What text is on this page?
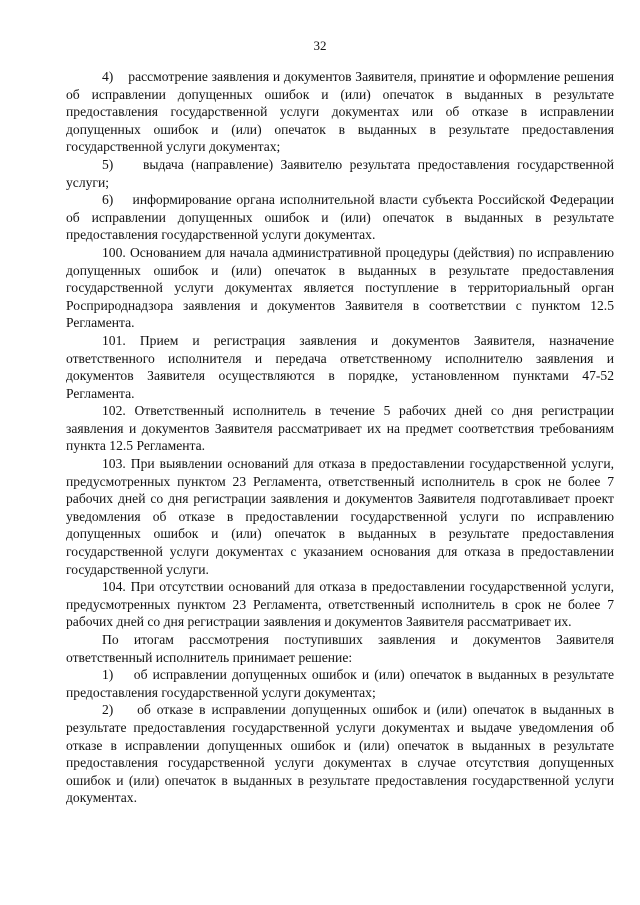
32

4)    рассмотрение заявления и документов Заявителя, принятие и оформление решения об исправлении допущенных ошибок и (или) опечаток в выданных в результате предоставления государственной услуги документах или об отказе в исправлении допущенных ошибок и (или) опечаток в выданных в результате предоставления государственной услуги документах;

5)    выдача (направление) Заявителю результата предоставления государственной услуги;

6)    информирование органа исполнительной власти субъекта Российской Федерации об исправлении допущенных ошибок и (или) опечаток в выданных в результате предоставления государственной услуги документах.

100. Основанием для начала административной процедуры (действия) по исправлению допущенных ошибок и (или) опечаток в выданных в результате предоставления государственной услуги документах является поступление в территориальный орган Росприроднадзора заявления и документов Заявителя в соответствии с пунктом 12.5 Регламента.

101. Прием и регистрация заявления и документов Заявителя, назначение ответственного исполнителя и передача ответственному исполнителю заявления и документов Заявителя осуществляются в порядке, установленном пунктами 47-52 Регламента.

102. Ответственный исполнитель в течение 5 рабочих дней со дня регистрации заявления и документов Заявителя рассматривает их на предмет соответствия требованиям пункта 12.5 Регламента.

103. При выявлении оснований для отказа в предоставлении государственной услуги, предусмотренных пунктом 23 Регламента, ответственный исполнитель в срок не более 7 рабочих дней со дня регистрации заявления и документов Заявителя подготавливает проект уведомления об отказе в предоставлении государственной услуги по исправлению допущенных ошибок и (или) опечаток в выданных в результате предоставления государственной услуги документах с указанием основания для отказа в предоставлении государственной услуги.

104. При отсутствии оснований для отказа в предоставлении государственной услуги, предусмотренных пунктом 23 Регламента, ответственный исполнитель в срок не более 7 рабочих дней со дня регистрации заявления и документов Заявителя рассматривает их.

По итогам рассмотрения поступивших заявления и документов Заявителя ответственный исполнитель принимает решение:

1)    об исправлении допущенных ошибок и (или) опечаток в выданных в результате предоставления государственной услуги документах;

2)    об отказе в исправлении допущенных ошибок и (или) опечаток в выданных в результате предоставления государственной услуги документах и выдаче уведомления об отказе в исправлении допущенных ошибок и (или) опечаток в выданных в результате предоставления государственной услуги документах в случае отсутствия допущенных ошибок и (или) опечаток в выданных в результате предоставления государственной услуги документах.
